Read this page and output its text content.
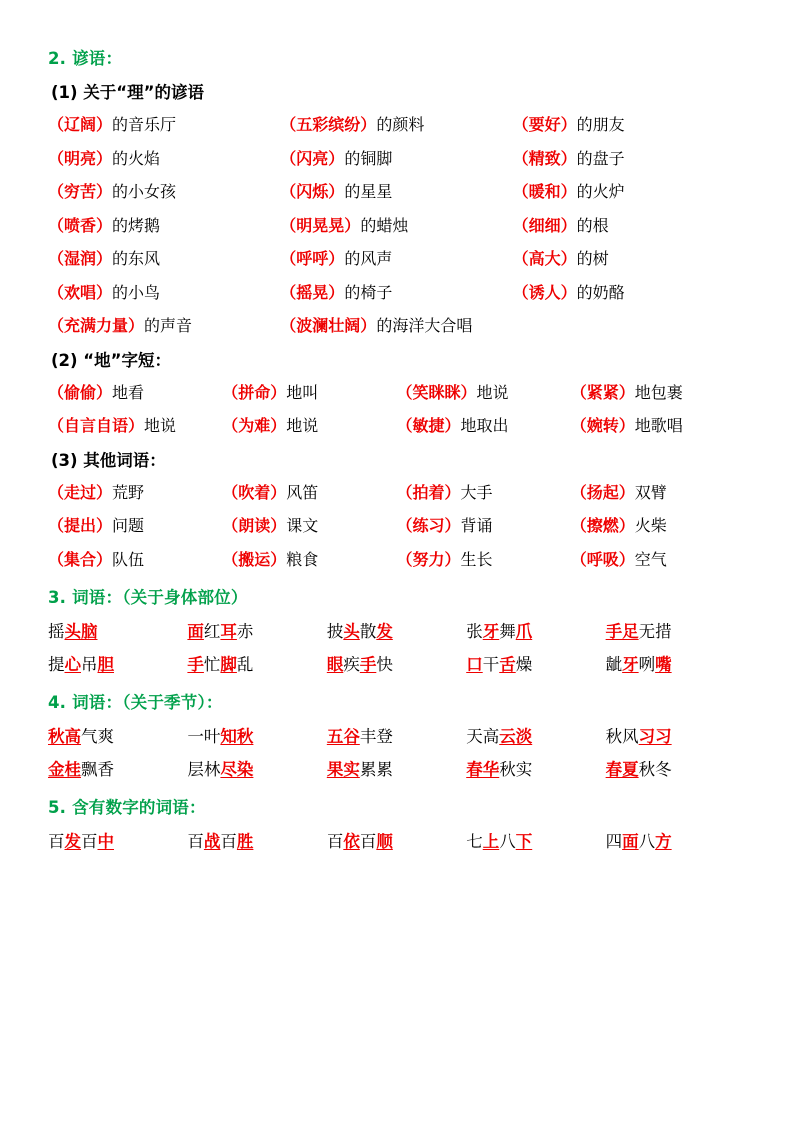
2. 谚语：
(1) 关于“理”的谚语
（辽阔）的音乐厅	（五彩缤纷）的颜料	（要好）的朋友
（明亮）的火焰	（闪亮）的铜脚	（精致）的盘子
（穷苦）的小女孩	（闪烁）的星星	（暖和）的火炉
（喷香）的烤鹅	（明晃晃）的蜡烛	（细细）的根
（湿润）的东风	（呼呼）的风声	（高大）的树
（欢唱）的小鸟	（摇晃）的椅子	（诱人）的奶酪
（充满力量）的声音	（波澜壮阔）的海洋大合唱
(2) “地”字短：
（偷偷）地看	（拼命）地叫	（笑眯眯）地说	（紧紧）地包裹
（自言自语）地说	（为难）地说	（敏捷）地取出	（婉转）地歌唱
(3) 其他词语：
（走过）荒野	（吹着）风笛	（拍着）大手	（扬起）双臂
（提出）问题	（朗读）课文	（练习）背诵	（擦燃）火柴
（集合）队伍	（搬运）粮食	（努力）生长	（呼吸）空气
3. 词语：（关于身体部位）
摇头脑	面红耳赤	披头散发	张牙舞爪	手足无措
提心吊胆	手忙脚乱	眼疾手快	口干舌燥	龇牙咧嘴
4. 词语：（关于季节）：
秋高气爽	一叶知秋	五谷丰登	天高云淡	秋风习习
金桂飘香	层林尽染	果实累累	春华秋实	春夏秋冬
5. 含有数字的词语：
百发百中	百战百胜	百依百顺	七上八下	四面八方
